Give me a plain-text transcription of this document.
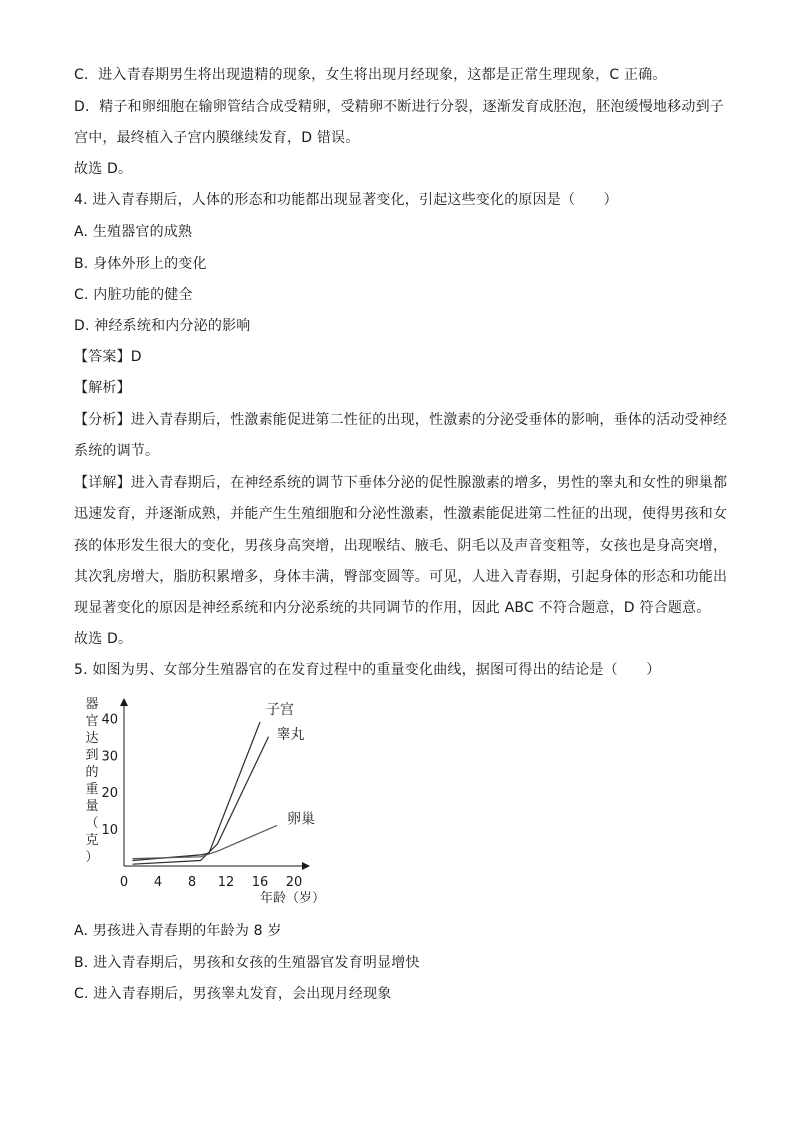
C．进入青春期男生将出现遗精的现象，女生将出现月经现象，这都是正常生理现象，C 正确。
D．精子和卵细胞在输卵管结合成受精卵，受精卵不断进行分裂，逐渐发育成胚泡，胚泡缓慢地移动到子
宫中，最终植入子宫内膜继续发育，D 错误。
故选 D。
4. 进入青春期后，人体的形态和功能都出现显著变化，引起这些变化的原因是（　　）
A. 生殖器官的成熟
B. 身体外形上的变化
C. 内脏功能的健全
D. 神经系统和内分泌的影响
【答案】D
【解析】
【分析】进入青春期后，性激素能促进第二性征的出现，性激素的分泌受垂体的影响，垂体的活动受神经
系统的调节。
【详解】进入青春期后，在神经系统的调节下垂体分泌的促性腺激素的增多，男性的睾丸和女性的卵巢都
迅速发育，并逐渐成熟，并能产生生殖细胞和分泌性激素，性激素能促进第二性征的出现，使得男孩和女
孩的体形发生很大的变化，男孩身高突增，出现喉结、腋毛、阴毛以及声音变粗等，女孩也是身高突增，
其次乳房增大，脂肪积累增多，身体丰满，臀部变圆等。可见，人进入青春期，引起身体的形态和功能出
现显著变化的原因是神经系统和内分泌系统的共同调节的作用，因此 ABC 不符合题意，D 符合题意。
故选 D。
5. 如图为男、女部分生殖器官的在发育过程中的重量变化曲线，据图可得出的结论是（　　）
器
官
达
到
的
重
量
（
克
）
0 4 8 12 16 20
10
20
30
40
子宫
睾丸
卵巢
年龄（岁）
A. 男孩进入青春期的年龄为 8 岁
B. 进入青春期后，男孩和女孩的生殖器官发育明显增快
C. 进入青春期后，男孩睾丸发育，会出现月经现象
